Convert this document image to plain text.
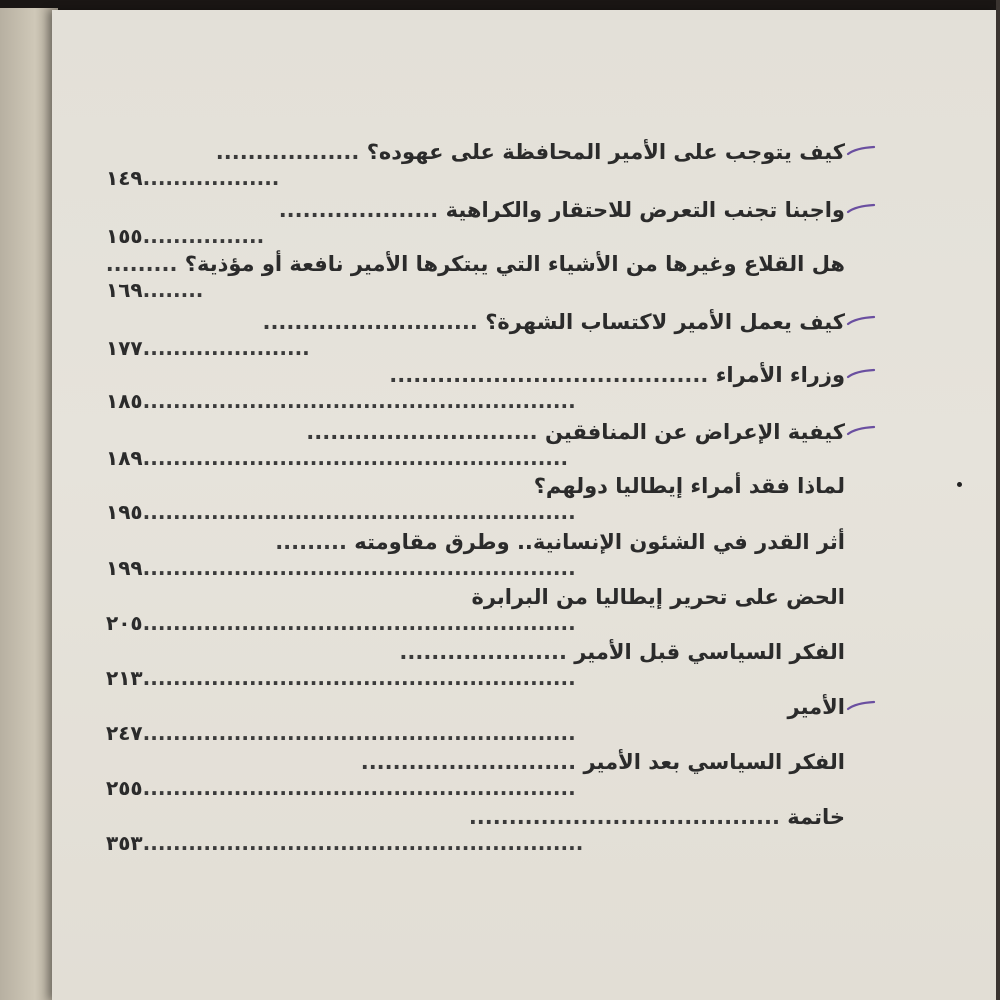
كيف يتوجب على الأمير المحافظة على عهوده؟ ..................
١٤٩..................
واجبنا تجنب التعرض للاحتقار والكراهية ....................
١٥٥................
هل القلاع وغيرها من الأشياء التي يبتكرها الأمير نافعة أو مؤذية؟ .........
١٦٩........
كيف يعمل الأمير لاكتساب الشهرة؟ ...........................
١٧٧......................
وزراء الأمراء ........................................
١٨٥.........................................................
كيفية الإعراض عن المنافقين .............................
١٨٩........................................................
لماذا فقد أمراء إيطاليا دولهم؟
١٩٥.........................................................
أثر القدر في الشئون الإنسانية.. وطرق مقاومته .........
١٩٩.........................................................
الحض على تحرير إيطاليا من البرابرة
٢٠٥.........................................................
الفكر السياسي قبل الأمير .....................
٢١٣.........................................................
الأمير
٢٤٧.........................................................
الفكر السياسي بعد الأمير ...........................
٢٥٥.........................................................
خاتمة .......................................
٣٥٣..........................................................
